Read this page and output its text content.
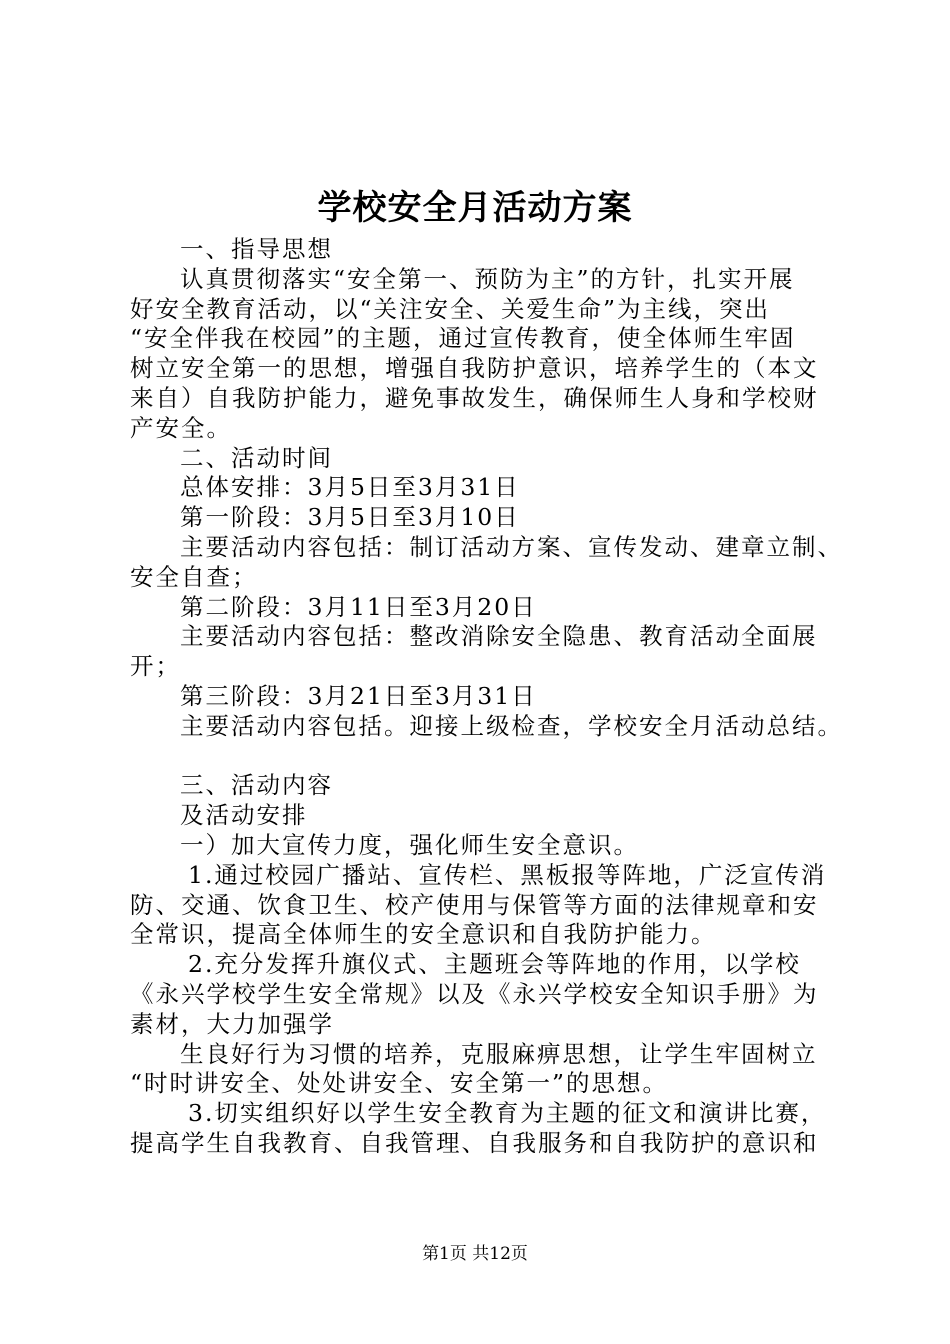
学校安全月活动方案
一、指导思想
认真贯彻落实“安全第一、预防为主”的方针，扎实开展
好安全教育活动，以“关注安全、关爱生命”为主线，突出
“安全伴我在校园”的主题，通过宣传教育，使全体师生牢固
树立安全第一的思想，增强自我防护意识，培养学生的（本文
来自）自我防护能力，避免事故发生，确保师生人身和学校财
产安全。
二、活动时间
总体安排：3月5日至3月31日
第一阶段：3月5日至3月10日
主要活动内容包括：制订活动方案、宣传发动、建章立制、
安全自查；
第二阶段：3月11日至3月20日
主要活动内容包括：整改消除安全隐患、教育活动全面展
开；
第三阶段：3月21日至3月31日
主要活动内容包括。迎接上级检查，学校安全月活动总结。
三、活动内容
及活动安排
一）加大宣传力度，强化师生安全意识。
1.通过校园广播站、宣传栏、黑板报等阵地，广泛宣传消
防、交通、饮食卫生、校产使用与保管等方面的法律规章和安
全常识，提高全体师生的安全意识和自我防护能力。
2.充分发挥升旗仪式、主题班会等阵地的作用，以学校
《永兴学校学生安全常规》以及《永兴学校安全知识手册》为
素材，大力加强学
生良好行为习惯的培养，克服麻痹思想，让学生牢固树立
“时时讲安全、处处讲安全、安全第一”的思想。
3.切实组织好以学生安全教育为主题的征文和演讲比赛，
提高学生自我教育、自我管理、自我服务和自我防护的意识和
第1页 共12页
